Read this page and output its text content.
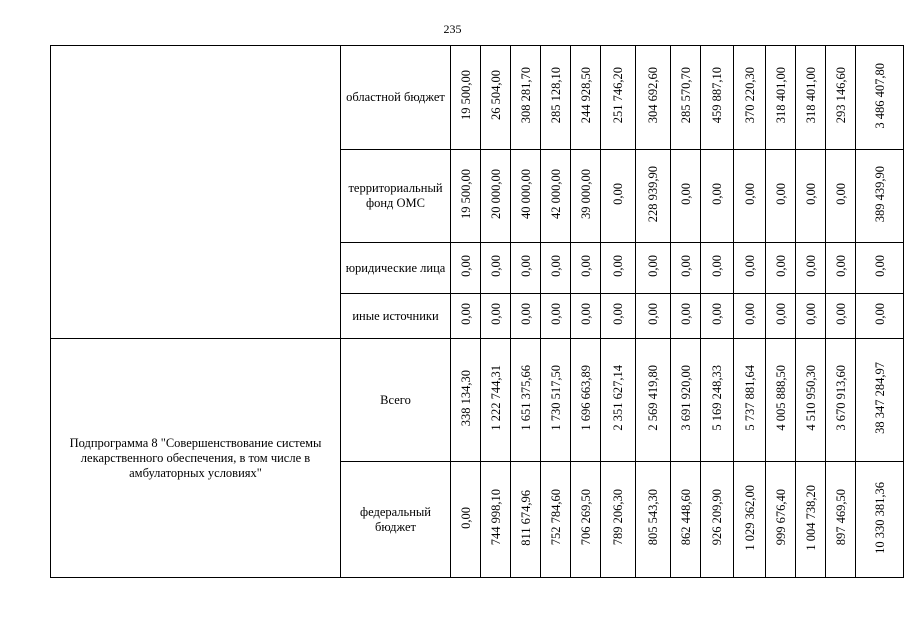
235
	областной бюджет	19 500,00	26 504,00	308 281,70	285 128,10	244 928,50	251 746,20	304 692,60	285 570,70	459 887,10	370 220,30	318 401,00	318 401,00	293 146,60	3 486 407,80
	территориальный фонд ОМС	19 500,00	20 000,00	40 000,00	42 000,00	39 000,00	0,00	228 939,90	0,00	0,00	0,00	0,00	0,00	0,00	389 439,90
	юридические лица	0,00	0,00	0,00	0,00	0,00	0,00	0,00	0,00	0,00	0,00	0,00	0,00	0,00	0,00
	иные источники	0,00	0,00	0,00	0,00	0,00	0,00	0,00	0,00	0,00	0,00	0,00	0,00	0,00	0,00
Подпрограмма 8 "Совершенствование системы лекарственного обеспечения, в том числе в амбулаторных условиях"	Всего	338 134,30	1 222 744,31	1 651 375,66	1 730 517,50	1 696 663,89	2 351 627,14	2 569 419,80	3 691 920,00	5 169 248,33	5 737 881,64	4 005 888,50	4 510 950,30	3 670 913,60	38 347 284,97
	федеральный бюджет	0,00	744 998,10	811 674,96	752 784,60	706 269,50	789 206,30	805 543,30	862 448,60	926 209,90	1 029 362,00	999 676,40	1 004 738,20	897 469,50	10 330 381,36
